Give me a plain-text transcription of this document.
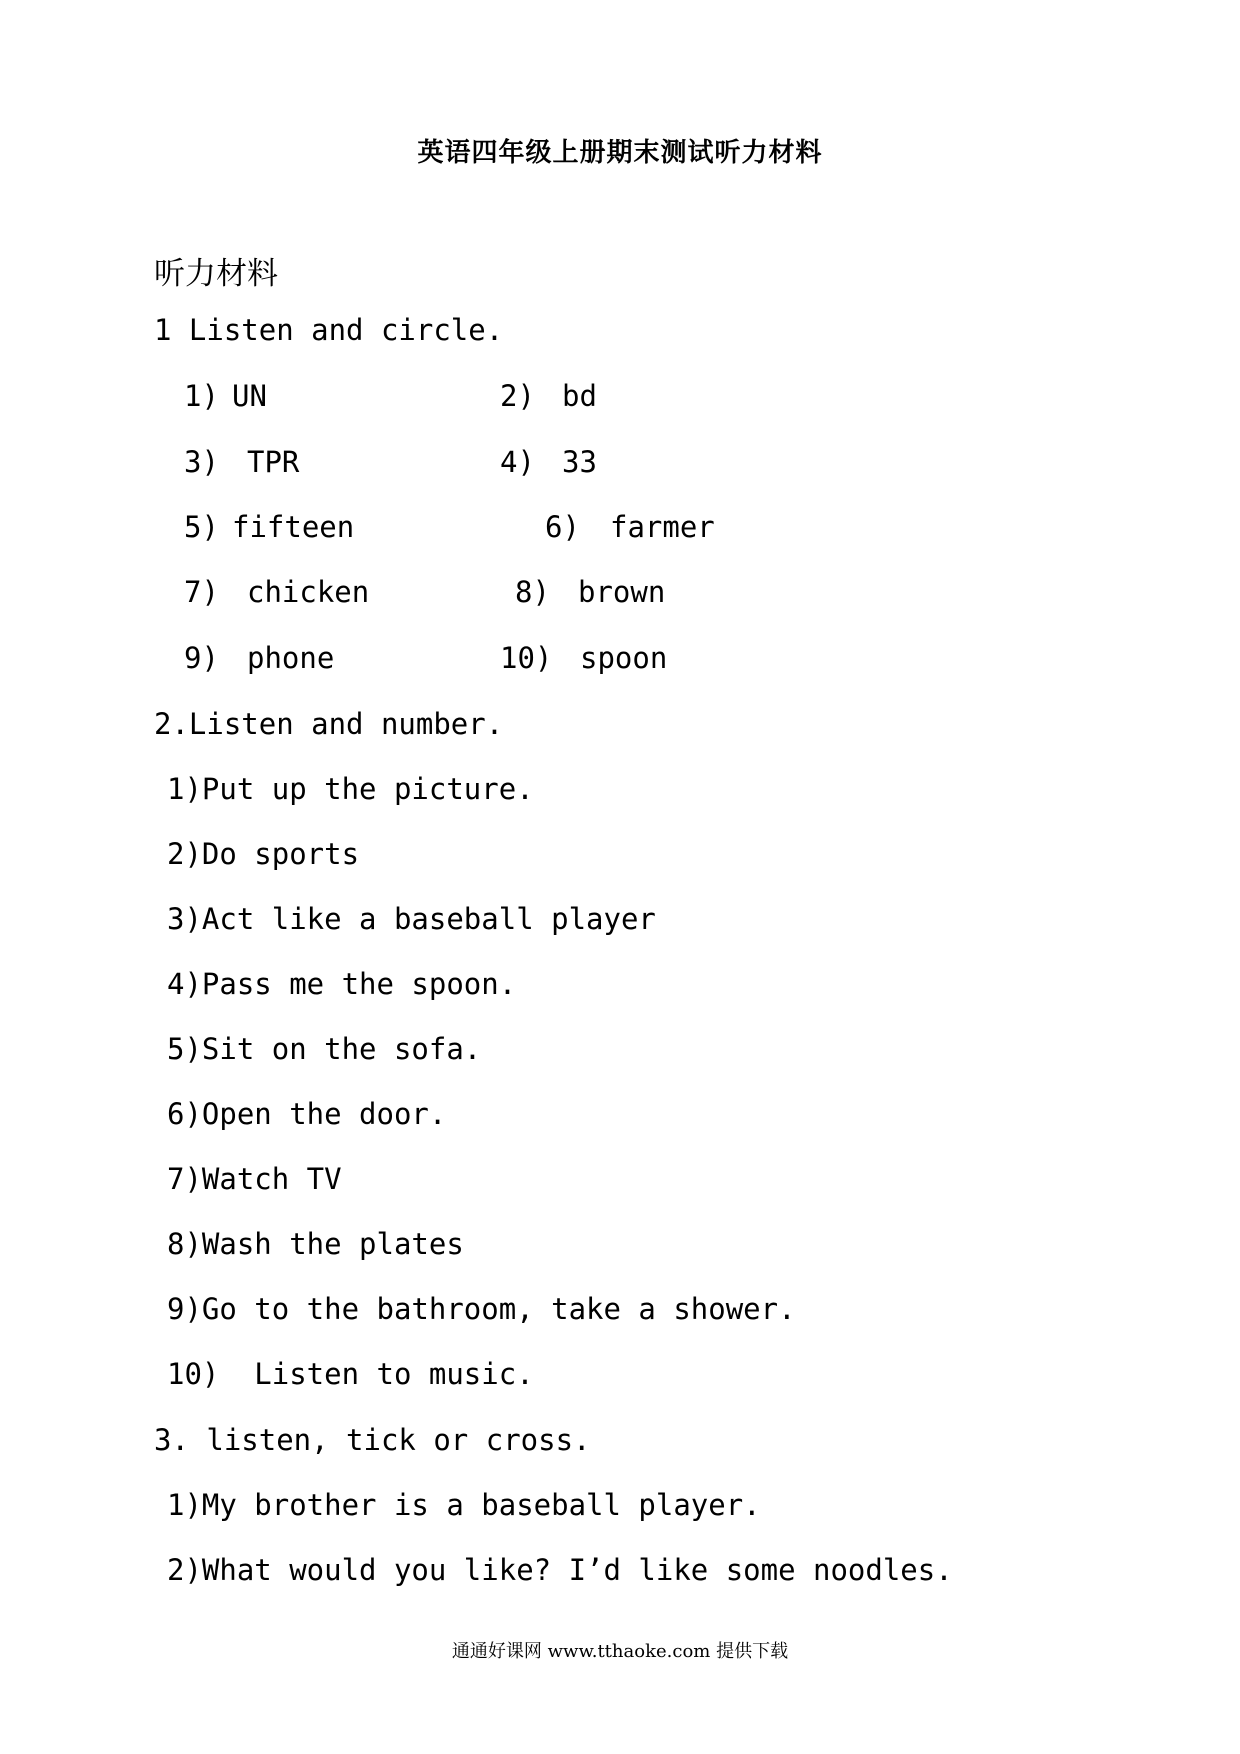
英语四年级上册期末测试听力材料
听力材料
1 Listen and circle.
1) UN	2) bd
3) TPR	4) 33
5) fifteen	6) farmer
7) chicken	8) brown
9) phone	10) spoon
2.Listen and number.
1)Put up the picture.
2)Do sports
3)Act like a baseball player
4)Pass me the spoon.
5)Sit on the sofa.
6)Open the door.
7)Watch TV
8)Wash the plates
9)Go to the bathroom, take a shower.
10)  Listen to music.
3. listen, tick or cross.
1)My brother is a baseball player.
2)What would you like? I’d like some noodles.
通通好课网 www.tthaoke.com 提供下载
